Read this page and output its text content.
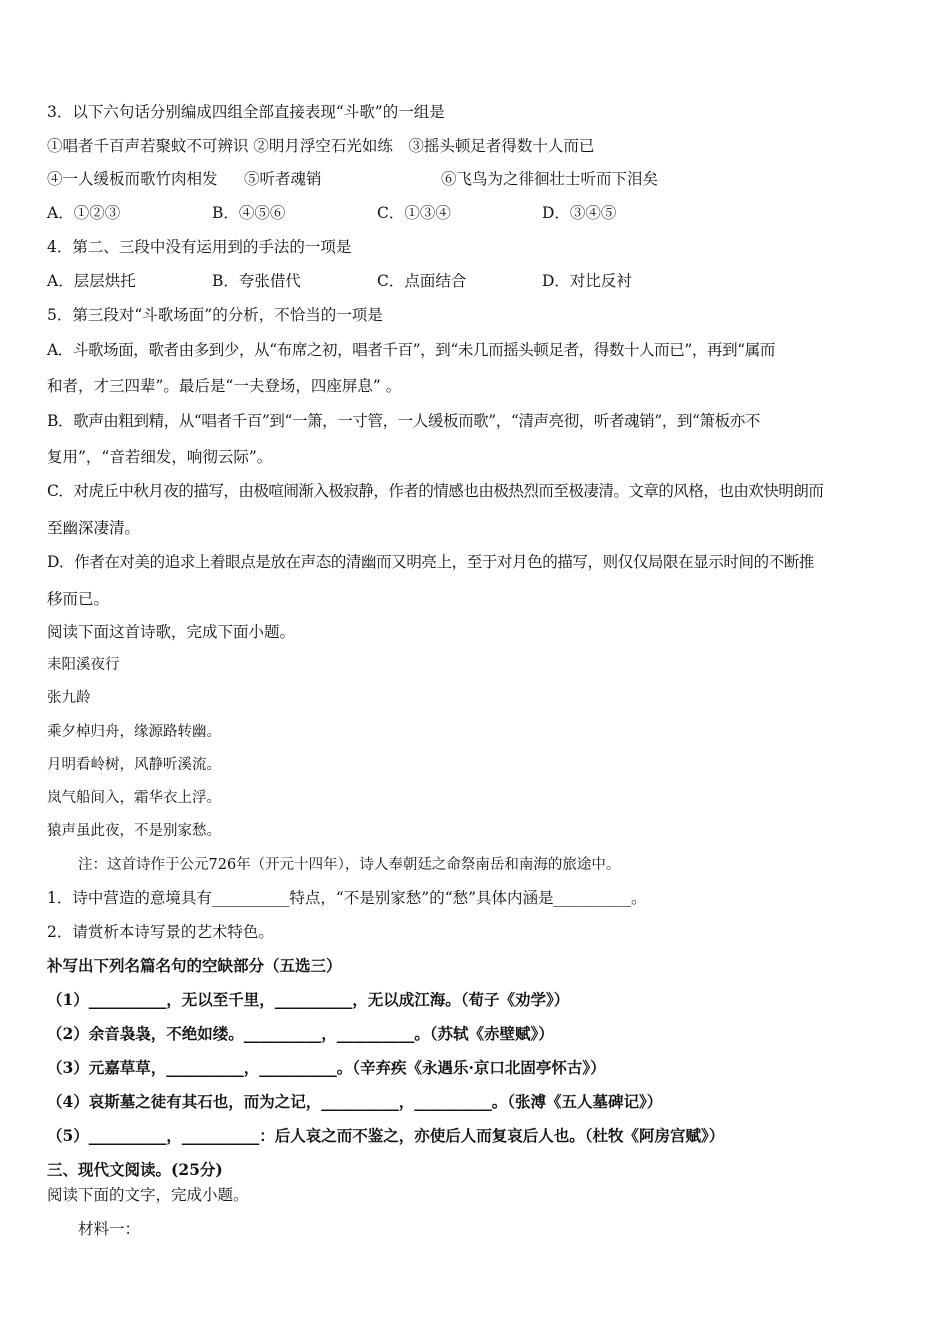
3．以下六句话分别编成四组全部直接表现“斗歌”的一组是
①唱者千百声若聚蚊不可辨识 ②明月浮空石光如练　③摇头顿足者得数十人而已
④一人缓板而歌竹肉相发 ⑤听者魂销	⑥飞鸟为之徘徊壮士听而下泪矣
A．①②③	B．④⑤⑥	C．①③④	D．③④⑤
4．第二、三段中没有运用到的手法的一项是
A．层层烘托	B．夸张借代	C．点面结合	D．对比反衬
5．第三段对“斗歌场面”的分析，不恰当的一项是
A．斗歌场面，歌者由多到少，从“布席之初，唱者千百”，到“未几而摇头顿足者，得数十人而已”，再到“属而
和者，才三四辈”。最后是“一夫登场，四座屏息” 。
B．歌声由粗到精，从“唱者千百”到“一箫，一寸管，一人缓板而歌”，“清声亮彻，听者魂销”，到“箫板亦不
复用”，“音若细发，响彻云际”。
C．对虎丘中秋月夜的描写，由极喧闹渐入极寂静，作者的情感也由极热烈而至极凄清。文章的风格，也由欢快明朗而
至幽深凄清。
D．作者在对美的追求上着眼点是放在声态的清幽而又明亮上，至于对月色的描写，则仅仅局限在显示时间的不断推
移而已。
阅读下面这首诗歌，完成下面小题。
耒阳溪夜行
张九龄
乘夕棹归舟，缘源路转幽。
月明看岭树，风静听溪流。
岚气船间入，霜华衣上浮。
猿声虽此夜，不是别家愁。
注：这首诗作于公元726年（开元十四年），诗人奉朝廷之命祭南岳和南海的旅途中。
1．诗中营造的意境具有__________特点，“不是别家愁”的“愁”具体内涵是__________。
2．请赏析本诗写景的艺术特色。
补写出下列名篇名句的空缺部分（五选三）
（1）__________，无以至千里，__________，无以成江海。（荀子《劝学》）
（2）余音袅袅，不绝如缕。__________，__________。（苏轼《赤壁赋》）
（3）元嘉草草，__________，__________。（辛弃疾《永遇乐·京口北固亭怀古》）
（4）哀斯墓之徒有其石也，而为之记，__________，__________。（张溥《五人墓碑记》）
（5）__________，__________：后人哀之而不鉴之，亦使后人而复哀后人也。（杜牧《阿房宫赋》）
三、现代文阅读。(25分)
阅读下面的文字，完成小题。
材料一：
